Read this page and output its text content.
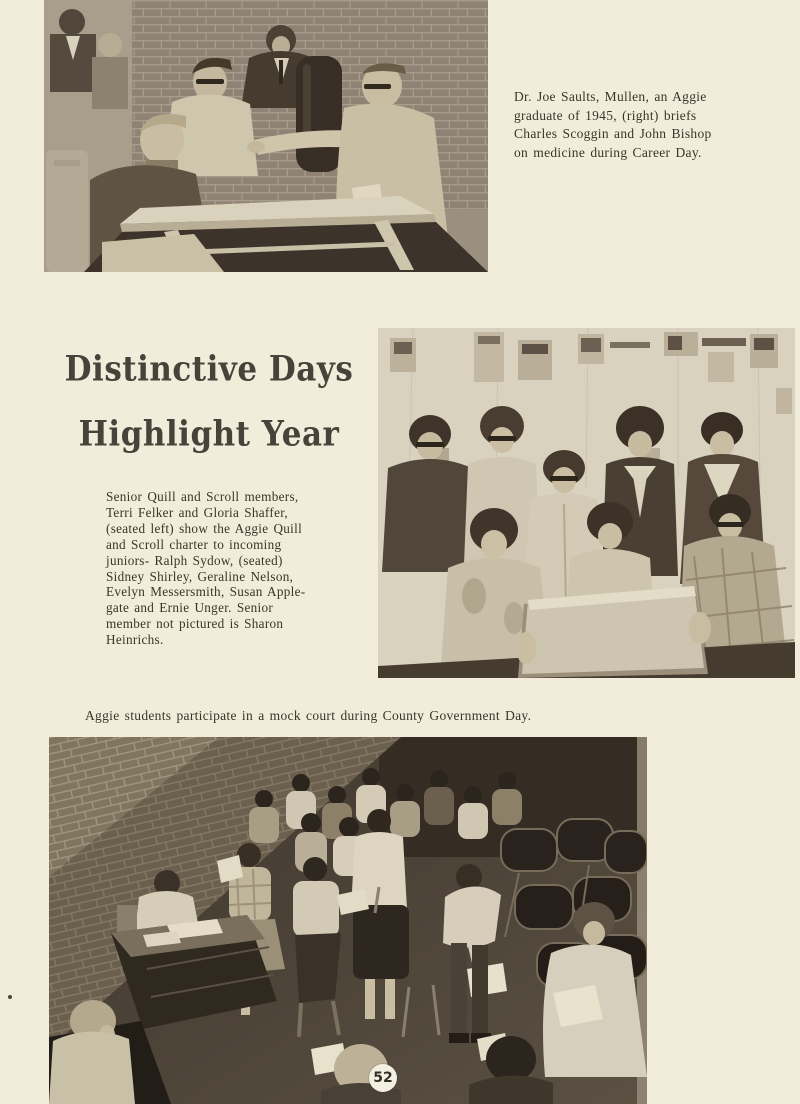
Dr. Joe Saults, Mullen, an Aggie
graduate of 1945, (right) briefs
Charles Scoggin and John Bishop
on medicine during Career Day.
Distinctive Days
Highlight Year
Senior Quill and Scroll members,
Terri Felker and Gloria Shaffer,
(seated left) show the Aggie Quill
and Scroll charter to incoming
juniors- Ralph Sydow, (seated)
Sidney Shirley, Geraline Nelson,
Evelyn Messersmith, Susan Apple-
gate and Ernie Unger. Senior
member not pictured is Sharon
Heinrichs.
Aggie students participate in a mock court during County Government Day.
52
